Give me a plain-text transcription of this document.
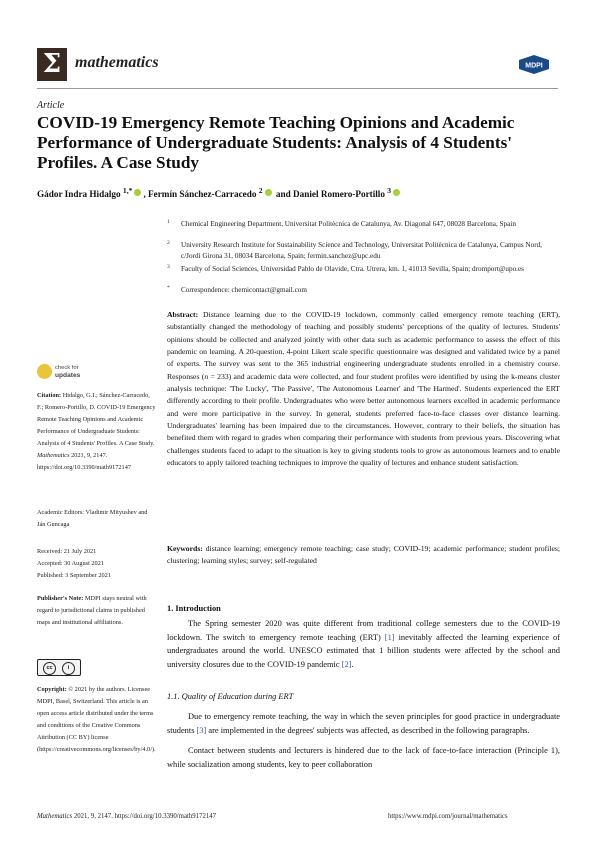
Σ mathematics	MDPI
Article
COVID-19 Emergency Remote Teaching Opinions and Academic Performance of Undergraduate Students: Analysis of 4 Students' Profiles. A Case Study
Gádor Indra Hidalgo $^{1,*}$ , Fermín Sánchez-Carracedo $^2$ and Daniel Romero-Portillo $^3$
1 Chemical Engineering Department, Universitat Politècnica de Catalunya, Av. Diagonal 647, 08028 Barcelona, Spain
2 University Research Institute for Sustainability Science and Technology, Universitat Politècnica de Catalunya, Campus Nord, c/Jordi Girona 31, 08034 Barcelona, Spain; fermin.sanchez@upc.edu
3 Faculty of Social Sciences, Universidad Pablo de Olavide, Ctra. Utrera, km. 1, 41013 Sevilla, Spain; dromport@upo.es
* Correspondence: chemicontact@gmail.com
Abstract: Distance learning due to the COVID-19 lockdown, commonly called emergency remote teaching (ERT), substantially changed the methodology of teaching and possibly students' perceptions of the quality of lectures. Students' opinions should be collected and analyzed jointly with other data such as academic performance to assess the effect of this pandemic on learning. A 20-question, 4-point Likert scale specific questionnaire was designed and validated twice by a panel of experts. The survey was sent to the 365 industrial engineering undergraduate students enrolled in a chemistry course. Responses (n = 233) and academic data were collected, and four student profiles were identified by using the k-means cluster analysis technique: 'The Lucky', 'The Passive', 'The Autonomous Learner' and 'The Harmed'. Students experienced the ERT differently according to their profile. Undergraduates who were better autonomous learners excelled in academic performance and were more participative in the survey. In general, students preferred face-to-face classes over distance learning. Undergraduates' learning has been impaired due to the circumstances. However, contrary to their beliefs, the situation has benefited them with regard to grades when comparing their performance with students from previous years. Discovering what challenges students faced to adapt to the situation is key to giving students tools to grow as autonomous learners and to enable educators to apply tailored teaching techniques to improve the quality of lectures and enhance student satisfaction.
Keywords: distance learning; emergency remote teaching; case study; COVID-19; academic performance; student profiles; clustering; learning styles; survey; self-regulated
check for
updates
Citation: Hidalgo, G.I.; Sánchez-Carracedo, F.; Romero-Portillo, D. COVID-19 Emergency Remote Teaching Opinions and Academic Performance of Undergraduate Students: Analysis of 4 Students' Profiles. A Case Study. Mathematics 2021, 9, 2147. https://doi.org/10.3390/math9172147
Academic Editors: Vladimir Mityushev and Ján Guncaga
Received: 21 July 2021
Accepted: 30 August 2021
Published: 3 September 2021
Publisher's Note: MDPI stays neutral with regard to jurisdictional claims in published maps and institutional affiliations.
cc	i
Copyright: © 2021 by the authors. Licensee MDPI, Basel, Switzerland. This article is an open access article distributed under the terms and conditions of the Creative Commons Attribution (CC BY) license (https://creativecommons.org/licenses/by/4.0/).
1. Introduction
The Spring semester 2020 was quite different from traditional college semesters due to the COVID-19 lockdown. The switch to emergency remote teaching (ERT) [1] inevitably affected the learning experience of undergraduates around the world. UNESCO estimated that 1 billion students were affected by the school and university closures due to the COVID-19 pandemic [2].
1.1. Quality of Education during ERT
Due to emergency remote teaching, the way in which the seven principles for good practice in undergraduate students [3] are implemented in the degrees' subjects was affected, as described in the following paragraphs.
Contact between students and lecturers is hindered due to the lack of face-to-face interaction (Principle 1), while socialization among students, key to peer collaboration
Mathematics 2021, 9, 2147. https://doi.org/10.3390/math9172147	https://www.mdpi.com/journal/mathematics
